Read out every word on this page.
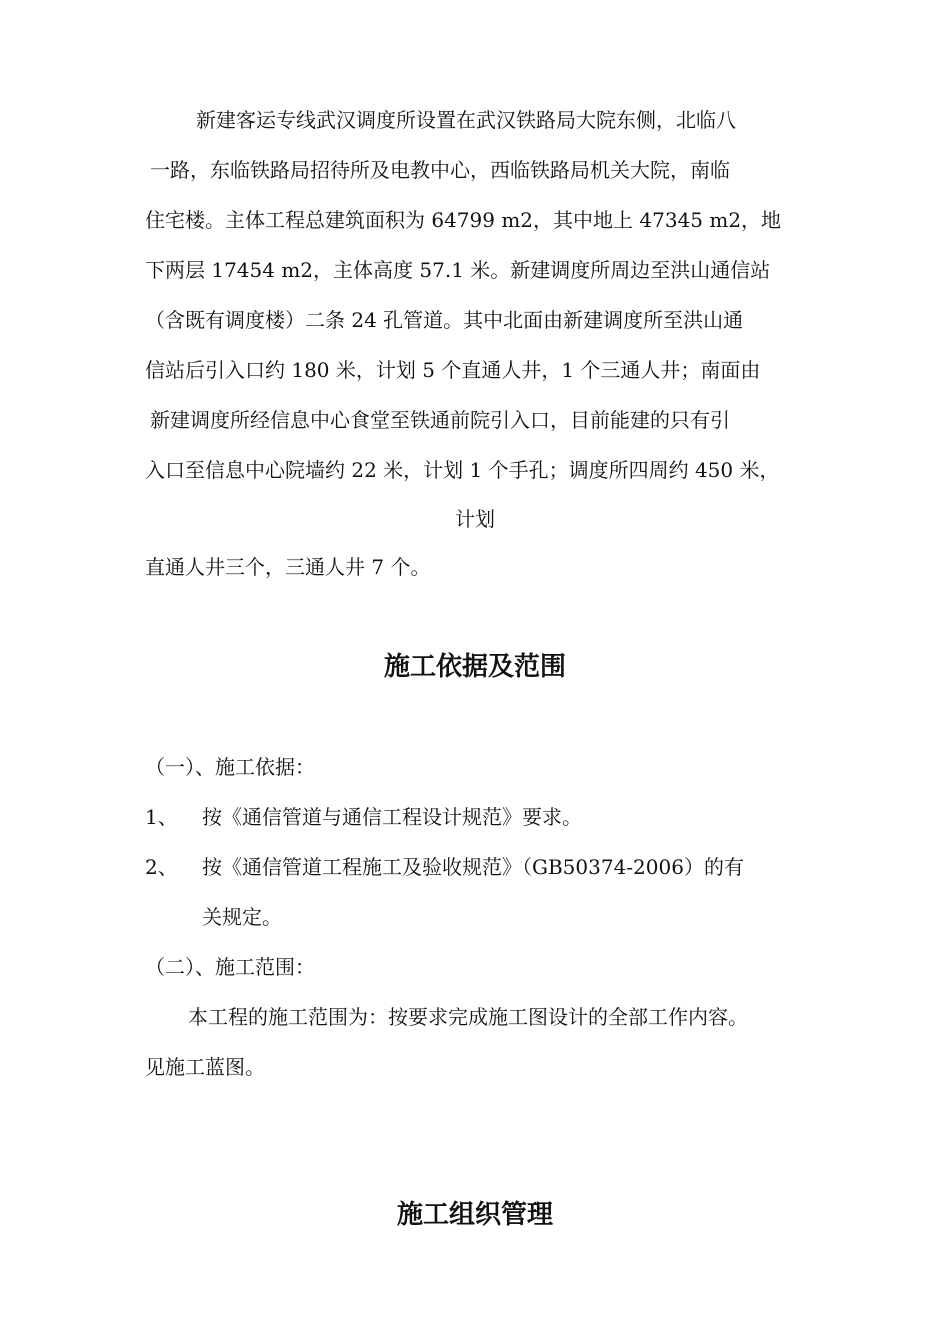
新建客运专线武汉调度所设置在武汉铁路局大院东侧，北临八
一路，东临铁路局招待所及电教中心，西临铁路局机关大院，南临
住宅楼。主体工程总建筑面积为 64799 m2，其中地上 47345 m2，地
下两层 17454 m2，主体高度 57.1 米。新建调度所周边至洪山通信站
（含既有调度楼）二条 24 孔管道。其中北面由新建调度所至洪山通
信站后引入口约 180 米，计划 5 个直通人井，1 个三通人井；南面由
新建调度所经信息中心食堂至铁通前院引入口，目前能建的只有引
入口至信息中心院墙约 22 米，计划 1 个手孔；调度所四周约 450 米，
计划
直通人井三个，三通人井 7 个。
施工依据及范围
（一）、施工依据：
1、 按《通信管道与通信工程设计规范》要求。
2、 按《通信管道工程施工及验收规范》（GB50374-2006）的有
关规定。
（二）、施工范围：
本工程的施工范围为：按要求完成施工图设计的全部工作内容。
见施工蓝图。
施工组织管理
